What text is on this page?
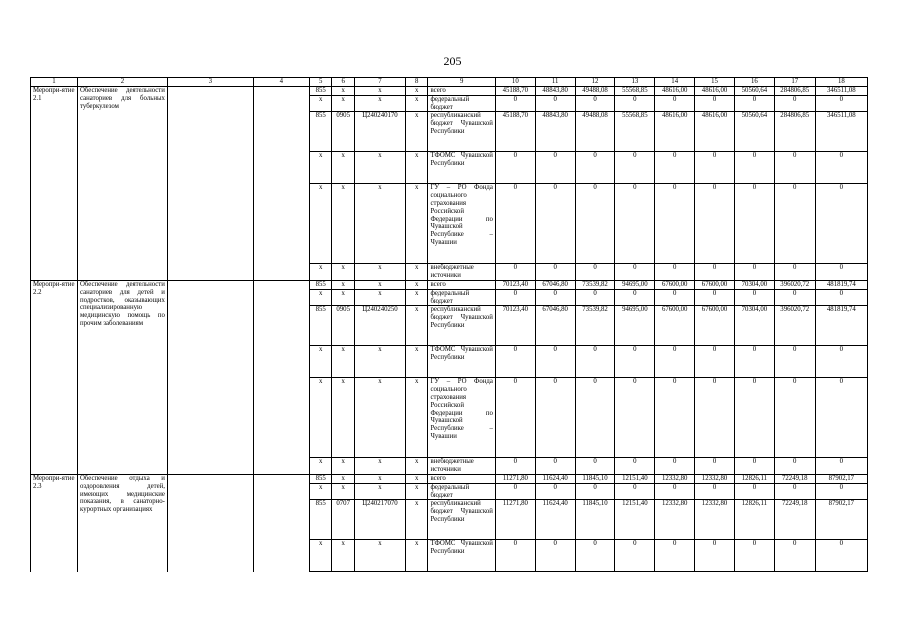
205
1	2	3	4	5	6	7	8	9	10	11	12	13	14	15	16	17	18
Меропри-ятие 2.1	Обеспечение деятельности санаториев для больных туберкулезом			855	x	x	x	всего	45188,70	48843,80	49488,08	55568,85	48616,00	48616,00	50560,64	284806,85	346511,08
				x	x	x	x	федеральный бюджет	0	0	0	0	0	0	0	0	0
				855	0905	Ц240240170	x	республиканский бюджет Чувашской Республики	45188,70	48843,80	49488,08	55568,85	48616,00	48616,00	50560,64	284806,85	346511,08
				x	x	x	x	ТФОМС Чувашской Республики	0	0	0	0	0	0	0	0	0
				x	x	x	x	ГУ – РО Фонда социального страхования Российской Федерации по Чувашской Республике – Чувашии	0	0	0	0	0	0	0	0	0
				x	x	x	x	внебюджетные источники	0	0	0	0	0	0	0	0	0
Меропри-ятие 2.2	Обеспечение деятельности санаториев для детей и подростков, оказывающих специализированную медицинскую помощь по прочим заболеваниям			855	x	x	x	всего	70123,40	67046,80	73539,82	94695,00	67600,00	67600,00	70304,00	396020,72	481819,74
				x	x	x	x	федеральный бюджет	0	0	0	0	0	0	0	0	0
				855	0905	Ц240240250	x	республиканский бюджет Чувашской Республики	70123,40	67046,80	73539,82	94695,00	67600,00	67600,00	70304,00	396020,72	481819,74
				x	x	x	x	ТФОМС Чувашской Республики	0	0	0	0	0	0	0	0	0
				x	x	x	x	ГУ – РО Фонда социального страхования Российской Федерации по Чувашской Республике – Чувашии	0	0	0	0	0	0	0	0	0
				x	x	x	x	внебюджетные источники	0	0	0	0	0	0	0	0	0
Меропри-ятие 2.3	Обеспечение отдыха и оздоровления детей, имеющих медицинские показания, в санаторно-курортных организациях			855	x	x	x	всего	11271,80	11624,40	11845,10	12151,40	12332,80	12332,80	12826,11	72249,18	87902,17
				x	x	x	x	федеральный бюджет	0	0	0	0	0	0	0	0	0
				855	0707	Ц240217070	x	республиканский бюджет Чувашской Республики	11271,80	11624,40	11845,10	12151,40	12332,80	12332,80	12826,11	72249,18	87902,17
				x	x	x	x	ТФОМС Чувашской Республики	0	0	0	0	0	0	0	0	0
